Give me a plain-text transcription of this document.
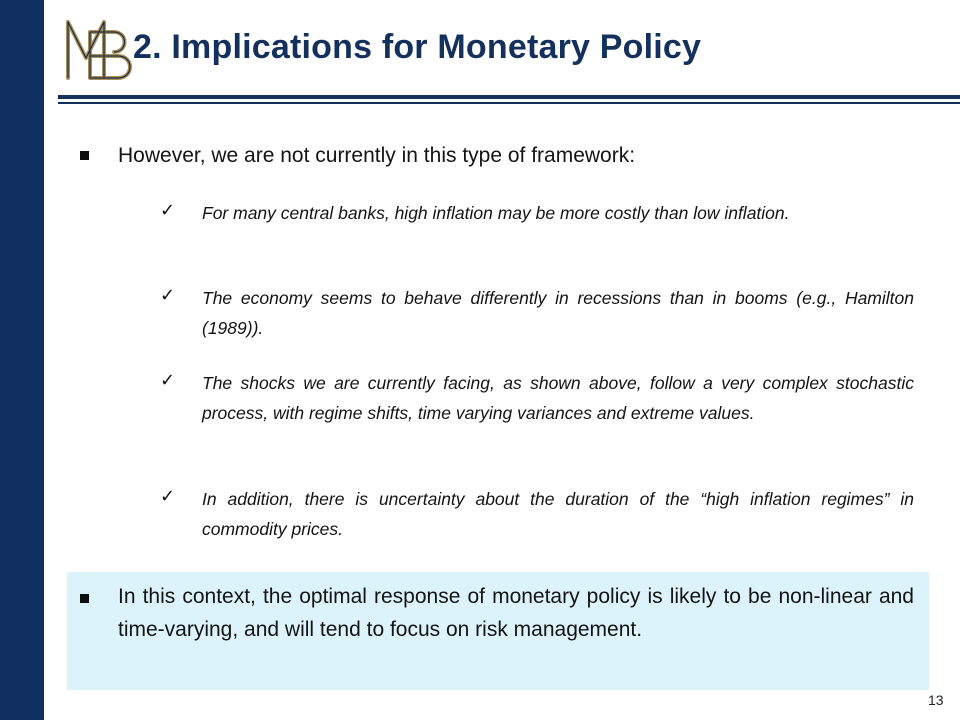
BM
2. Implications for Monetary Policy
However, we are not currently in this type of framework:
✓ For many central banks, high inflation may be more costly than low inflation.
✓ The economy seems to behave differently in recessions than in booms (e.g., Hamilton (1989)).
✓ The shocks we are currently facing, as shown above, follow a very complex stochastic process, with regime shifts, time varying variances and extreme values.
✓ In addition, there is uncertainty about the duration of the “high inflation regimes” in commodity prices.
In this context, the optimal response of monetary policy is likely to be non-linear and time-varying, and will tend to focus on risk management.
13
